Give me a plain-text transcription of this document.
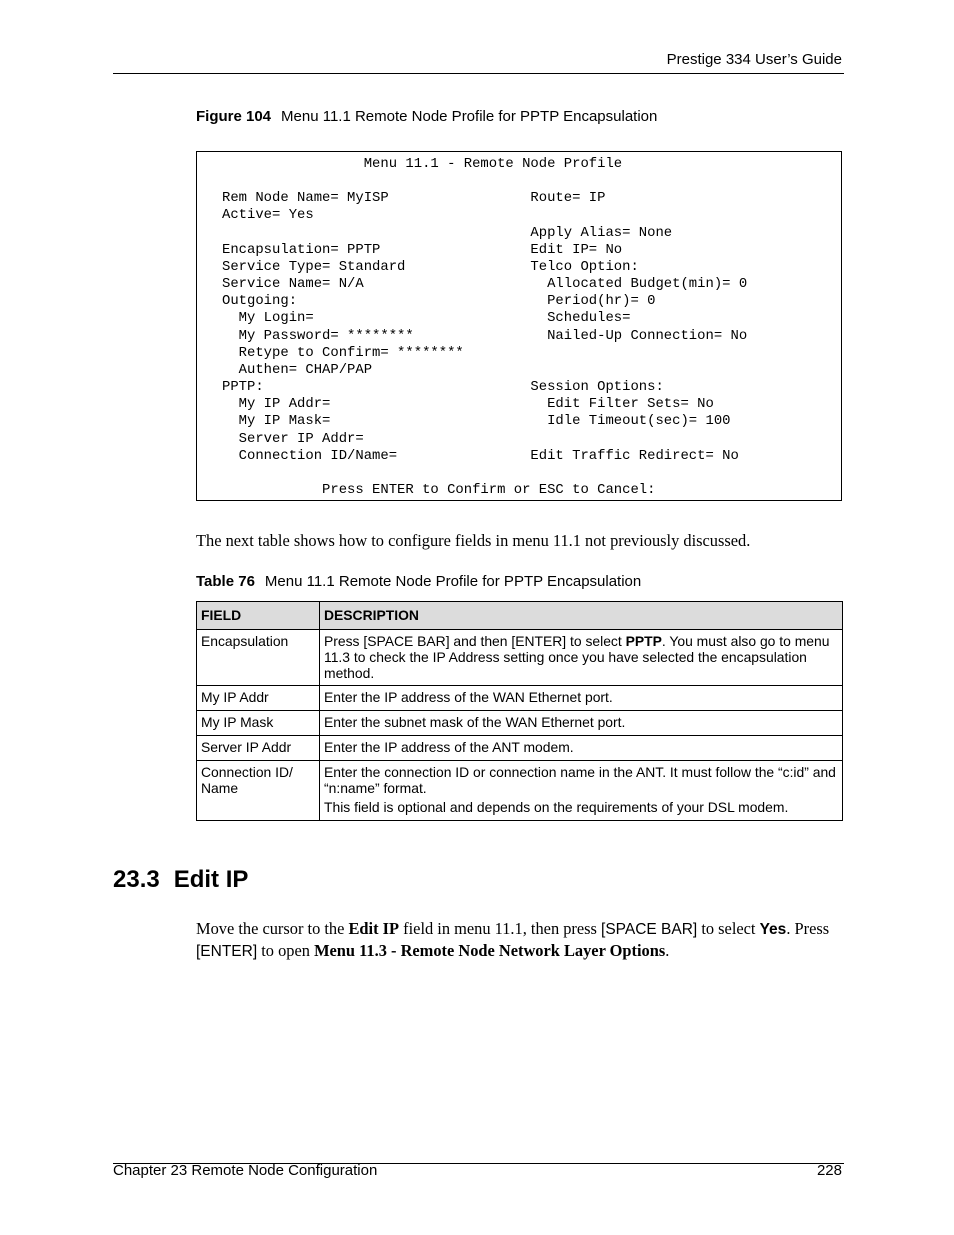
Prestige 334 User’s Guide
Figure 104 Menu 11.1 Remote Node Profile for PPTP Encapsulation
Menu 11.1 - Remote Node Profile

Rem Node Name= MyISP                 Route= IP
Active= Yes
Apply Alias= None
Encapsulation= PPTP                  Edit IP= No
Service Type= Standard               Telco Option:
Service Name= N/A                      Allocated Budget(min)= 0
Outgoing:                              Period(hr)= 0
My Login=                            Schedules=
My Password= ********                Nailed-Up Connection= No
Retype to Confirm= ********
Authen= CHAP/PAP
PPTP:                                Session Options:
My IP Addr=                          Edit Filter Sets= No
My IP Mask=                          Idle Timeout(sec)= 100
Server IP Addr=
Connection ID/Name=                Edit Traffic Redirect= No

Press ENTER to Confirm or ESC to Cancel:
The next table shows how to configure fields in menu 11.1 not previously discussed.
Table 76 Menu 11.1 Remote Node Profile for PPTP Encapsulation
FIELD	DESCRIPTION
Encapsulation	Press [SPACE BAR] and then [ENTER] to select PPTP. You must also go to menu 11.3 to check the IP Address setting once you have selected the encapsulation method.
My IP Addr	Enter the IP address of the WAN Ethernet port.
My IP Mask	Enter the subnet mask of the WAN Ethernet port.
Server IP Addr	Enter the IP address of the ANT modem.
Connection ID/ Name	Enter the connection ID or connection name in the ANT. It must follow the “c:id” and “n:name” format.

This field is optional and depends on the requirements of your DSL modem.

23.3 Edit IP
Move the cursor to the Edit IP field in menu 11.1, then press [SPACE BAR] to select Yes. Press [ENTER] to open Menu 11.3 - Remote Node Network Layer Options.
Chapter 23 Remote Node Configuration	228
